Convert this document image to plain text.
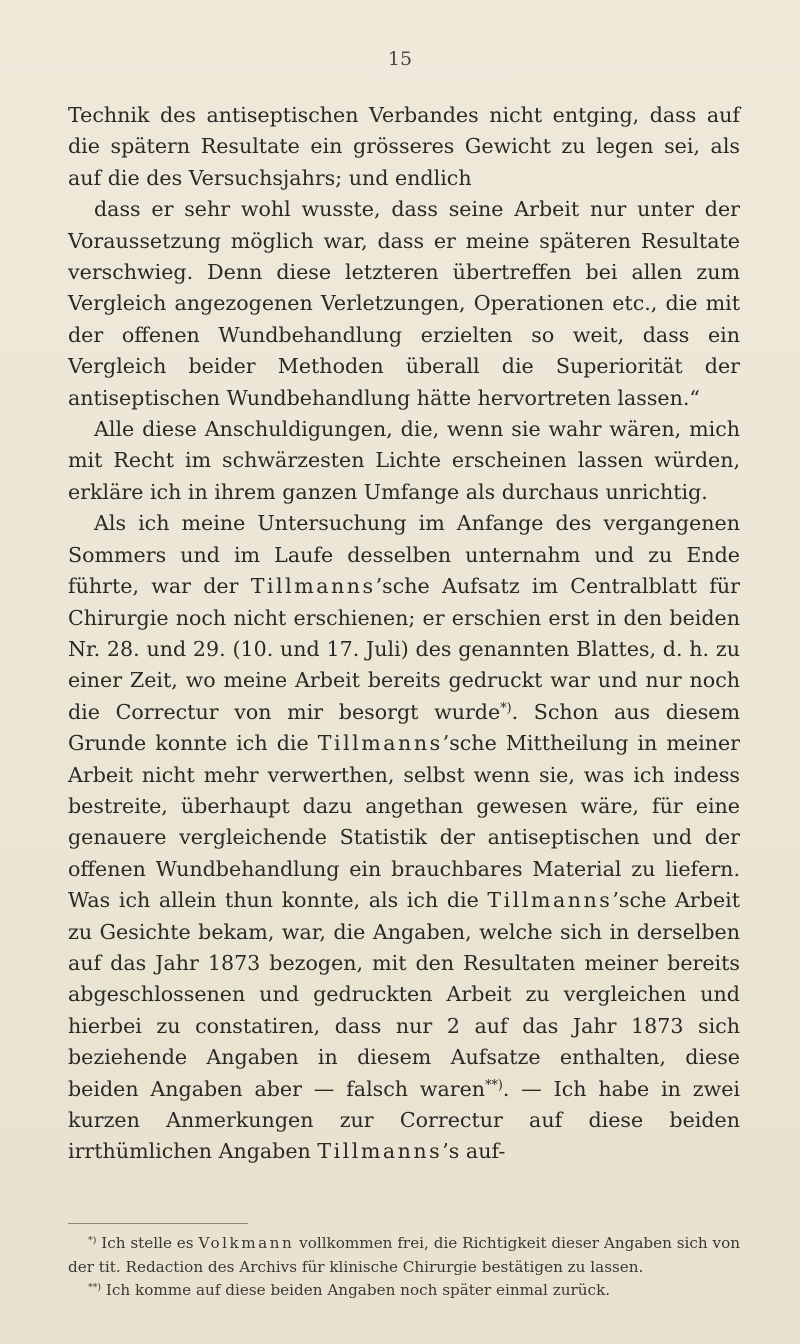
15

Technik des antiseptischen Verbandes nicht entging, dass auf die spätern Resultate ein grösseres Gewicht zu legen sei, als auf die des Versuchsjahrs; und endlich

dass er sehr wohl wusste, dass seine Arbeit nur unter der Voraussetzung möglich war, dass er meine späteren Resultate verschwieg. Denn diese letzteren übertreffen bei allen zum Vergleich angezogenen Verletzungen, Operationen etc., die mit der offenen Wundbehandlung erzielten so weit, dass ein Vergleich beider Methoden überall die Superiorität der antiseptischen Wundbehandlung hätte hervortreten lassen.“

Alle diese Anschuldigungen, die, wenn sie wahr wären, mich mit Recht im schwärzesten Lichte erscheinen lassen würden, erkläre ich in ihrem ganzen Umfange als durchaus unrichtig.

Als ich meine Untersuchung im Anfange des vergangenen Sommers und im Laufe desselben unternahm und zu Ende führte, war der Tillmanns’sche Aufsatz im Centralblatt für Chirurgie noch nicht erschienen; er erschien erst in den beiden Nr. 28. und 29. (10. und 17. Juli) des genannten Blattes, d. h. zu einer Zeit, wo meine Arbeit bereits gedruckt war und nur noch die Correctur von mir besorgt wurde*). Schon aus diesem Grunde konnte ich die Tillmanns’sche Mittheilung in meiner Arbeit nicht mehr verwerthen, selbst wenn sie, was ich indess bestreite, überhaupt dazu angethan gewesen wäre, für eine genauere vergleichende Statistik der antiseptischen und der offenen Wundbehandlung ein brauchbares Material zu liefern. Was ich allein thun konnte, als ich die Tillmanns’sche Arbeit zu Gesichte bekam, war, die Angaben, welche sich in derselben auf das Jahr 1873 bezogen, mit den Resultaten meiner bereits abgeschlossenen und gedruckten Arbeit zu vergleichen und hierbei zu constatiren, dass nur 2 auf das Jahr 1873 sich beziehende Angaben in diesem Aufsatze enthalten, diese beiden Angaben aber — falsch waren**). — Ich habe in zwei kurzen Anmerkungen zur Correctur auf diese beiden irrthümlichen Angaben Tillmanns’s auf-

*) Ich stelle es Volkmann vollkommen frei, die Richtigkeit dieser Angaben sich von der tit. Redaction des Archivs für klinische Chirurgie bestätigen zu lassen.

**) Ich komme auf diese beiden Angaben noch später einmal zurück.
